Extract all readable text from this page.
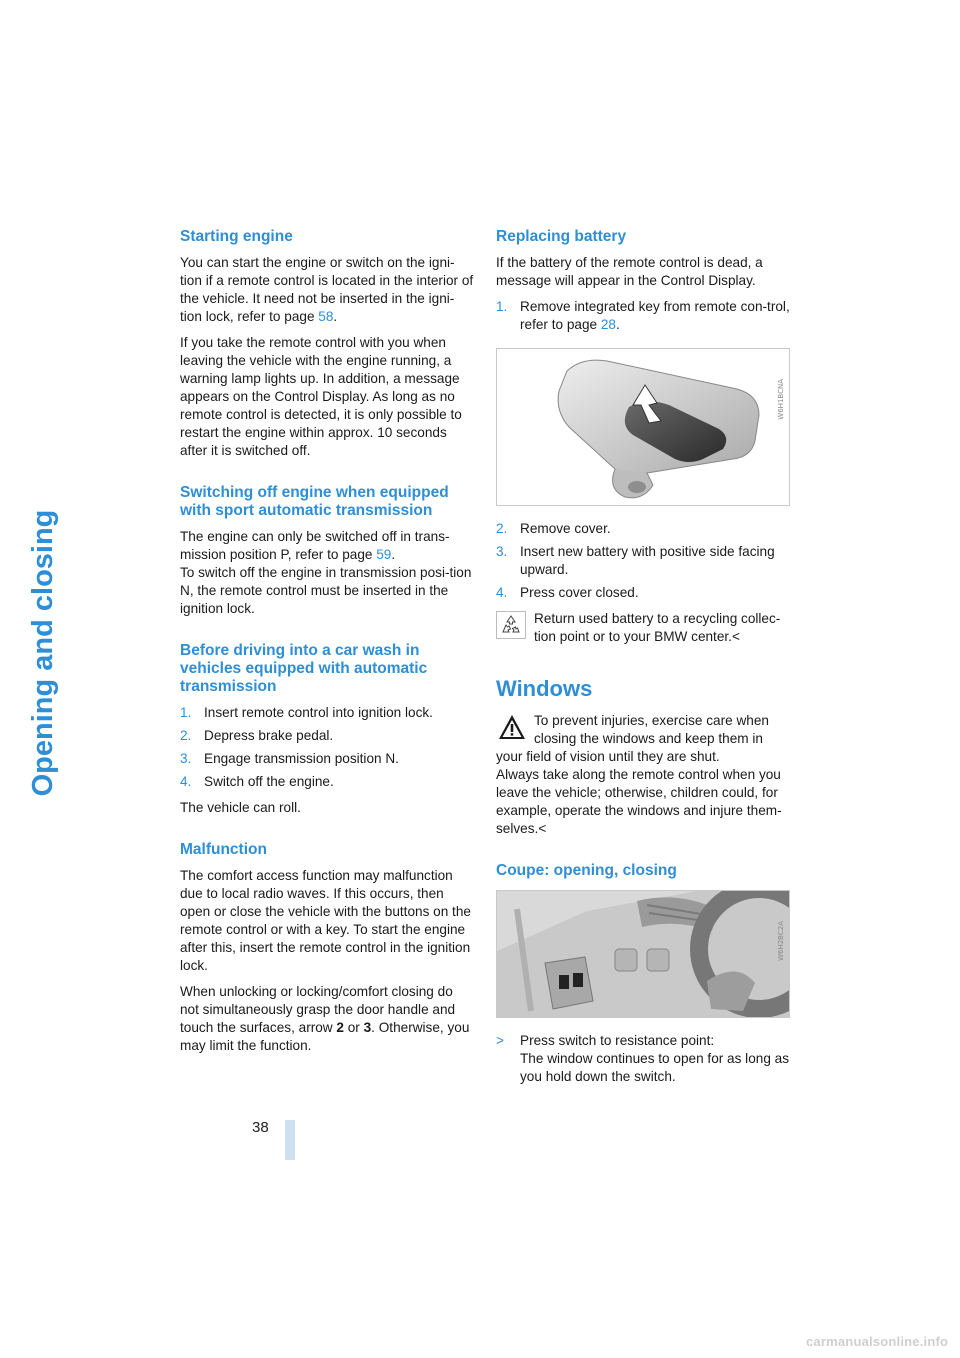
Opening and closing
Starting engine

You can start the engine or switch on the igni-tion if a remote control is located in the interior of the vehicle. It need not be inserted in the igni-tion lock, refer to page 58.

If you take the remote control with you when leaving the vehicle with the engine running, a warning lamp lights up. In addition, a message appears on the Control Display. As long as no remote control is detected, it is only possible to restart the engine within approx. 10 seconds after it is switched off.

Switching off engine when equipped with sport automatic transmission

The engine can only be switched off in trans-mission position P, refer to page 59.

To switch off the engine in transmission posi-tion N, the remote control must be inserted in the ignition lock.

Before driving into a car wash in vehicles equipped with automatic transmission
1. Insert remote control into ignition lock.
2. Depress brake pedal.
3. Engage transmission position N.
4. Switch off the engine.

The vehicle can roll.

Malfunction

The comfort access function may malfunction due to local radio waves. If this occurs, then open or close the vehicle with the buttons on the remote control or with a key. To start the engine after this, insert the remote control in the ignition lock.

When unlocking or locking/comfort closing do not simultaneously grasp the door handle and touch the surfaces, arrow 2 or 3. Otherwise, you may limit the function.

Replacing battery

If the battery of the remote control is dead, a message will appear in the Control Display.

1. Remove integrated key from remote con-trol, refer to page 28.
W6H1BCNA
2. Remove cover.
3. Insert new battery with positive side facing upward.
4. Press cover closed.

Return used battery to a recycling collec-tion point or to your BMW center.<

Windows

To prevent injuries, exercise care when closing the windows and keep them in

your field of vision until they are shut.

Always take along the remote control when you leave the vehicle; otherwise, children could, for example, operate the windows and injure them-selves.<

Coupe: opening, closing
W6H2BC2A
> Press switch to resistance point:
The window continues to open for as long as you hold down the switch.
38
carmanualsonline.info
